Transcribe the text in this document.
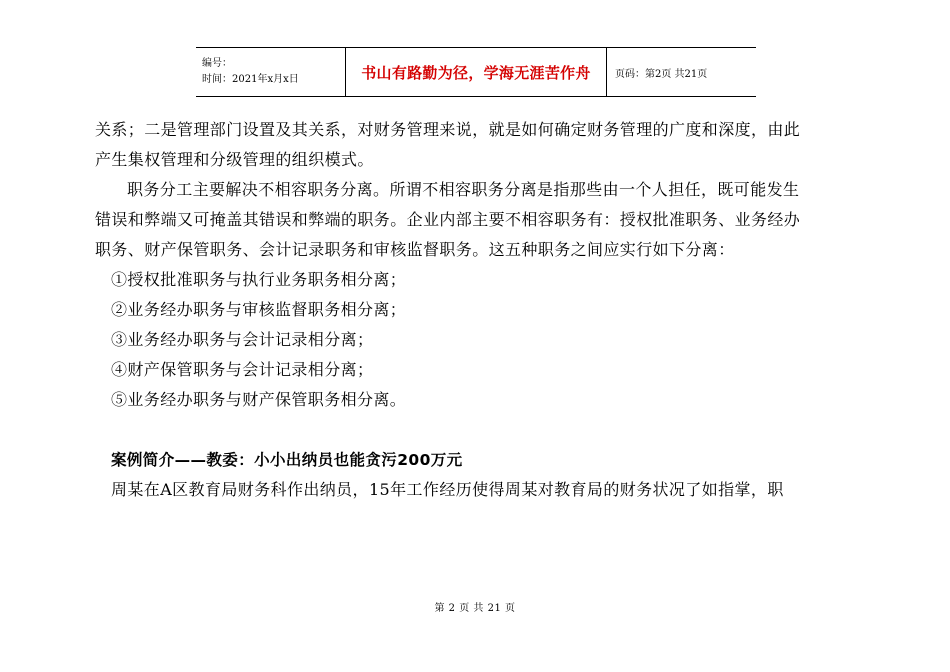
编号：
时间：2021年x月x日	书山有路勤为径，学海无涯苦作舟	页码：第2页 共21页

关系；二是管理部门设置及其关系，对财务管理来说，就是如何确定财务管理的广度和深度，由此

产生集权管理和分级管理的组织模式。

职务分工主要解决不相容职务分离。所谓不相容职务分离是指那些由一个人担任，既可能发生

错误和弊端又可掩盖其错误和弊端的职务。企业内部主要不相容职务有：授权批准职务、业务经办

职务、财产保管职务、会计记录职务和审核监督职务。这五种职务之间应实行如下分离：

①授权批准职务与执行业务职务相分离；

②业务经办职务与审核监督职务相分离；

③业务经办职务与会计记录相分离；

④财产保管职务与会计记录相分离；

⑤业务经办职务与财产保管职务相分离。

案例简介——教委：小小出纳员也能贪污200万元

周某在A区教育局财务科作出纳员，15年工作经历使得周某对教育局的财务状况了如指掌，职

第 2 页 共 21 页
